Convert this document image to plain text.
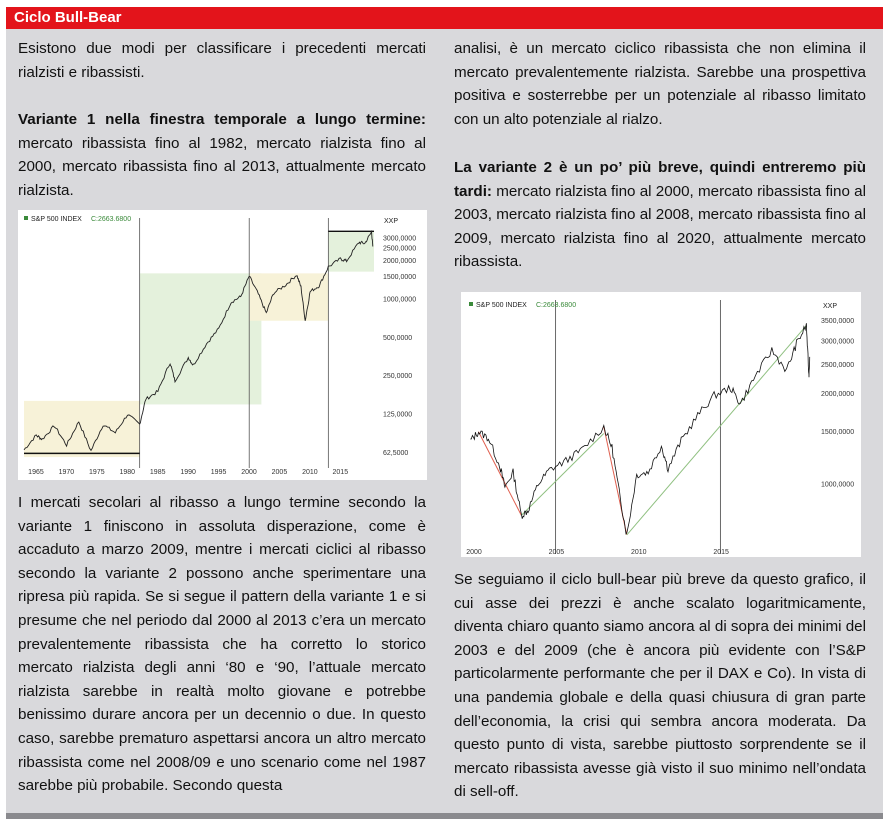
Ciclo Bull-Bear

Esistono due modi per classificare i precedenti mercati rialzisti e ribassisti.

Variante 1 nella finestra temporale a lungo termine: mercato ribassista fino al 1982, mercato rialzista fino al 2000, mercato ribassista fino al 2013, attualmente mercato rialzista.

S&P 500 INDEX C:2663.6800	XXP
3000,0000
2500,0000
2000,0000
1500,0000
1000,0000
500,0000
250,0000
125,0000
62,5000
1965 1970 1975 1980 1985 1990 1995 2000 2005 2010 2015

I mercati secolari al ribasso a lungo termine secondo la variante 1 finiscono in assoluta disperazione, come è accaduto a marzo 2009, mentre i mercati ciclici al ribasso secondo la variante 2 possono anche sperimentare una ripresa più rapida. Se si segue il pattern della variante 1 e si presume che nel periodo dal 2000 al 2013 c’era un mercato prevalentemente ribassista che ha corretto lo storico mercato rialzista degli anni ‘80 e ‘90, l’attuale mercato rialzista sarebbe in realtà molto giovane e potrebbe benissimo durare ancora per un decennio o due. In questo caso, sarebbe prematuro aspettarsi ancora un altro mercato ribassista come nel 2008/09 e uno scenario come nel 1987 sarebbe più probabile. Secondo questa

analisi, è un mercato ciclico ribassista che non elimina il mercato prevalentemente rialzista. Sarebbe una prospettiva positiva e sosterrebbe per un potenziale al ribasso limitato con un alto potenziale al rialzo.

La variante 2 è un po’ più breve, quindi entreremo più tardi: mercato rialzista fino al 2000, mercato ribassista fino al 2003, mercato rialzista fino al 2008, mercato ribassista fino al 2009, mercato rialzista fino al 2020, attualmente mercato ribassista.

S&P 500 INDEX C:2663.6800	XXP
3500,0000
3000,0000
2500,0000
2000,0000
1500,0000
1000,0000
2000	2005	2010	2015

Se seguiamo il ciclo bull-bear più breve da questo grafico, il cui asse dei prezzi è anche scalato logaritmicamente, diventa chiaro quanto siamo ancora al di sopra dei minimi del 2003 e del 2009 (che è ancora più evidente con l’S&P particolarmente performante che per il DAX e Co). In vista di una pandemia globale e della quasi chiusura di gran parte dell’economia, la crisi qui sembra ancora moderata. Da questo punto di vista, sarebbe piuttosto sorprendente se il mercato ribassista avesse già visto il suo minimo nell’ondata di sell-off.
